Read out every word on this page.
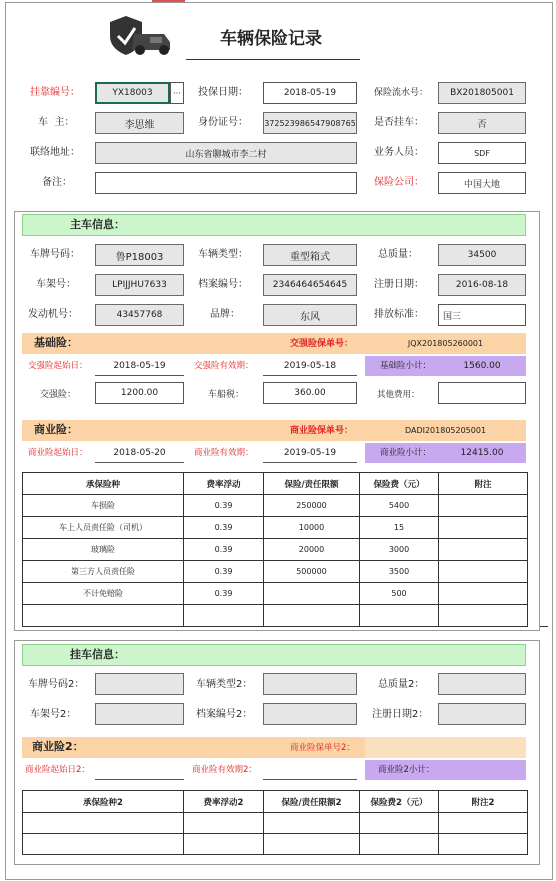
车辆保险记录
挂靠编号：	YX18003	···	投保日期：	2018-05-19	保险流水号：	BX201805001
车  主：	李思维	身份证号： 372523986547908765 是否挂车：	否
联络地址：	山东省聊城市李二村	业务人员：	SDF
备注：	保险公司：	中国大地
主车信息：
车牌号码：	鲁P18003	车辆类型：	重型箱式	总质量：	34500
车架号：	LPIJJHU7633	档案编号：	2346464654645	注册日期：	2016-08-18
发动机号：	43457768	品牌：	东风	排放标准：	国三
基础险：	交强险保单号：	JQX201805260001
交强险起始日：	2018-05-19	交强险有效期：	2019-05-18	基础险小计：	1560.00
交强险：	1200.00	车船税：	360.00	其他费用：
商业险：	商业险保单号：	DADI201805205001
商业险起始日：	2018-05-20	商业险有效期：	2019-05-19	商业险小计：	12415.00
承保险种	费率浮动	保险/责任限额	保险费（元）	附注
车损险	0.39	250000	5400	
车上人员责任险（司机）	0.39	10000	15	
玻璃险	0.39	20000	3000	
第三方人员责任险	0.39	500000	3500	
不计免赔险	0.39		500	

挂车信息：
车牌号码2：	车辆类型2：	总质量2：
车架号2：	档案编号2：	注册日期2：
商业险2：	商业险保单号2：
商业险起始日2：	商业险有效期2：	商业险2小计：
承保险种2	费率浮动2	保险/责任限额2	保险费2（元）	附注2
